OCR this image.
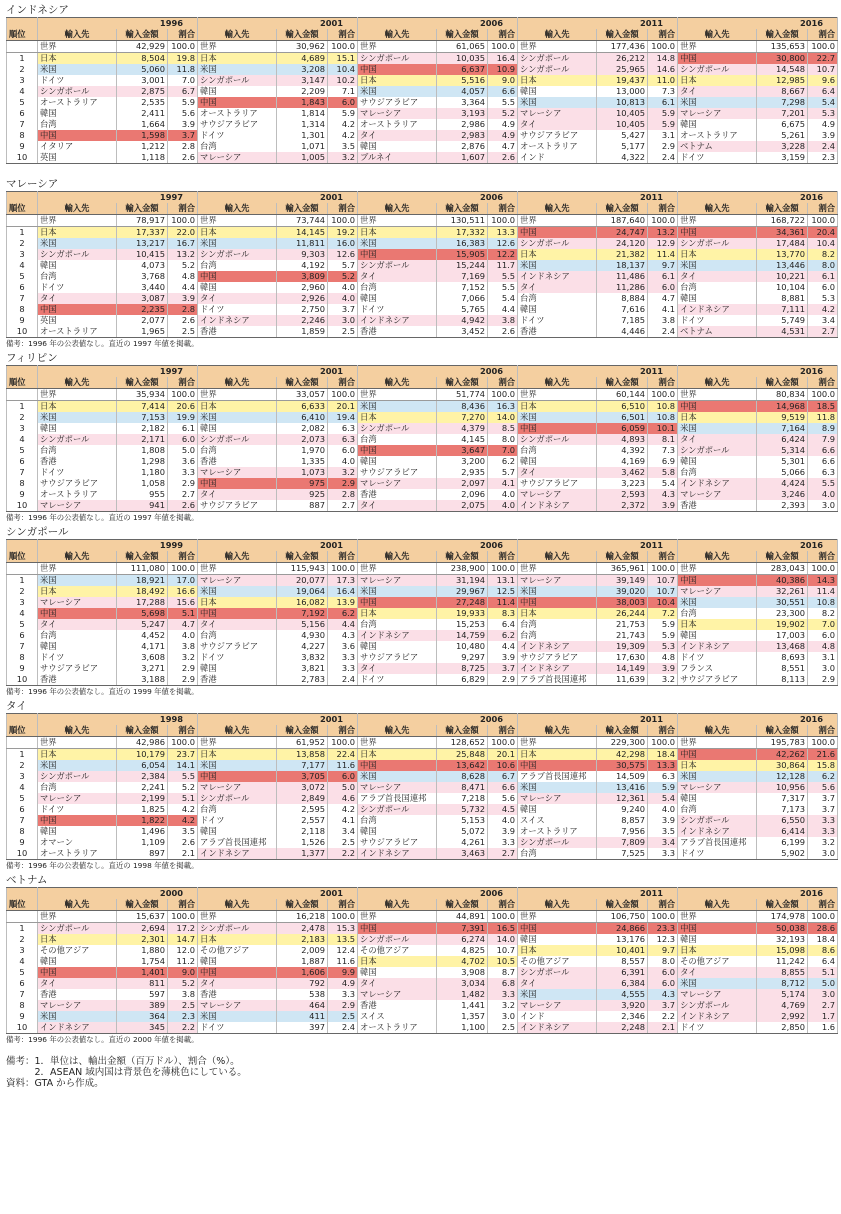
インドネシア
順位	1996			2001			2006			2011			2016		
	輸入先	輸入金額	割合	輸入先	輸入金額	割合	輸入先	輸入金額	割合	輸入先	輸入金額	割合	輸入先	輸入金額	割合
	世界	42,929	100.0	世界	30,962	100.0	世界	61,065	100.0	世界	177,436	100.0	世界	135,653	100.0
1	日本	8,504	19.8	日本	4,689	15.1	シンガポール	10,035	16.4	シンガポール	26,212	14.8	中国	30,800	22.7
2	米国	5,060	11.8	米国	3,208	10.4	中国	6,637	10.9	シンガポール	25,965	14.6	シンガポール	14,548	10.7
3	ドイツ	3,001	7.0	シンガポール	3,147	10.2	日本	5,516	9.0	日本	19,437	11.0	日本	12,985	9.6
4	シンガポール	2,875	6.7	韓国	2,209	7.1	米国	4,057	6.6	韓国	13,000	7.3	タイ	8,667	6.4
5	オーストラリア	2,535	5.9	中国	1,843	6.0	サウジアラビア	3,364	5.5	米国	10,813	6.1	米国	7,298	5.4
6	韓国	2,411	5.6	オーストラリア	1,814	5.9	マレーシア	3,193	5.2	マレーシア	10,405	5.9	マレーシア	7,201	5.3
7	台湾	1,664	3.9	サウジアラビア	1,314	4.2	オーストラリア	2,986	4.9	タイ	10,405	5.9	韓国	6,675	4.9
8	中国	1,598	3.7	ドイツ	1,301	4.2	タイ	2,983	4.9	サウジアラビア	5,427	3.1	オーストラリア	5,261	3.9
9	イタリア	1,212	2.8	台湾	1,071	3.5	韓国	2,876	4.7	オーストラリア	5,177	2.9	ベトナム	3,228	2.4
10	英国	1,118	2.6	マレーシア	1,005	3.2	ブルネイ	1,607	2.6	インド	4,322	2.4	ドイツ	3,159	2.3
マレーシア
順位	1997			2001			2006			2011			2016		
	輸入先	輸入金額	割合	輸入先	輸入金額	割合	輸入先	輸入金額	割合	輸入先	輸入金額	割合	輸入先	輸入金額	割合
	世界	78,917	100.0	世界	73,744	100.0	世界	130,511	100.0	世界	187,640	100.0	世界	168,722	100.0
1	日本	17,337	22.0	日本	14,145	19.2	日本	17,332	13.3	中国	24,747	13.2	中国	34,361	20.4
2	米国	13,217	16.7	米国	11,811	16.0	米国	16,383	12.6	シンガポール	24,120	12.9	シンガポール	17,484	10.4
3	シンガポール	10,415	13.2	シンガポール	9,303	12.6	中国	15,905	12.2	日本	21,382	11.4	日本	13,770	8.2
4	韓国	4,073	5.2	台湾	4,192	5.7	シンガポール	15,244	11.7	米国	18,137	9.7	米国	13,446	8.0
5	台湾	3,768	4.8	中国	3,809	5.2	タイ	7,169	5.5	インドネシア	11,486	6.1	タイ	10,221	6.1
6	ドイツ	3,440	4.4	韓国	2,960	4.0	台湾	7,152	5.5	タイ	11,286	6.0	台湾	10,104	6.0
7	タイ	3,087	3.9	タイ	2,926	4.0	韓国	7,066	5.4	台湾	8,884	4.7	韓国	8,881	5.3
8	中国	2,235	2.8	ドイツ	2,750	3.7	ドイツ	5,765	4.4	韓国	7,616	4.1	インドネシア	7,111	4.2
9	英国	2,077	2.6	インドネシア	2,246	3.0	インドネシア	4,942	3.8	ドイツ	7,185	3.8	ドイツ	5,749	3.4
10	オーストラリア	1,965	2.5	香港	1,859	2.5	香港	3,452	2.6	香港	4,446	2.4	ベトナム	4,531	2.7
備考：1996 年の公表値なし。直近の 1997 年値を掲載。
フィリピン
順位	1997			2001			2006			2011			2016		
	輸入先	輸入金額	割合	輸入先	輸入金額	割合	輸入先	輸入金額	割合	輸入先	輸入金額	割合	輸入先	輸入金額	割合
	世界	35,934	100.0	世界	33,057	100.0	世界	51,774	100.0	世界	60,144	100.0	世界	80,834	100.0
1	日本	7,414	20.6	日本	6,633	20.1	米国	8,436	16.3	日本	6,510	10.8	中国	14,968	18.5
2	米国	7,153	19.9	米国	6,410	19.4	日本	7,270	14.0	米国	6,501	10.8	日本	9,519	11.8
3	韓国	2,182	6.1	韓国	2,082	6.3	シンガポール	4,379	8.5	中国	6,059	10.1	米国	7,164	8.9
4	シンガポール	2,171	6.0	シンガポール	2,073	6.3	台湾	4,145	8.0	シンガポール	4,893	8.1	タイ	6,424	7.9
5	台湾	1,808	5.0	台湾	1,970	6.0	中国	3,647	7.0	台湾	4,392	7.3	シンガポール	5,314	6.6
6	香港	1,298	3.6	香港	1,335	4.0	韓国	3,200	6.2	韓国	4,169	6.9	韓国	5,301	6.6
7	ドイツ	1,180	3.3	マレーシア	1,073	3.2	サウジアラビア	2,935	5.7	タイ	3,462	5.8	台湾	5,066	6.3
8	サウジアラビア	1,058	2.9	中国	975	2.9	マレーシア	2,097	4.1	サウジアラビア	3,223	5.4	インドネシア	4,424	5.5
9	オーストラリア	955	2.7	タイ	925	2.8	香港	2,096	4.0	マレーシア	2,593	4.3	マレーシア	3,246	4.0
10	マレーシア	941	2.6	サウジアラビア	887	2.7	タイ	2,075	4.0	インドネシア	2,372	3.9	香港	2,393	3.0
備考：1996 年の公表値なし。直近の 1997 年値を掲載。
シンガポール
順位	1999			2001			2006			2011			2016		
	輸入先	輸入金額	割合	輸入先	輸入金額	割合	輸入先	輸入金額	割合	輸入先	輸入金額	割合	輸入先	輸入金額	割合
	世界	111,080	100.0	世界	115,943	100.0	世界	238,900	100.0	世界	365,961	100.0	世界	283,043	100.0
1	米国	18,921	17.0	マレーシア	20,077	17.3	マレーシア	31,194	13.1	マレーシア	39,149	10.7	中国	40,386	14.3
2	日本	18,492	16.6	米国	19,064	16.4	米国	29,967	12.5	米国	39,020	10.7	マレーシア	32,261	11.4
3	マレーシア	17,288	15.6	日本	16,082	13.9	中国	27,248	11.4	中国	38,003	10.4	米国	30,551	10.8
4	中国	5,698	5.1	中国	7,192	6.2	日本	19,933	8.3	日本	26,244	7.2	台湾	23,300	8.2
5	タイ	5,247	4.7	タイ	5,156	4.4	台湾	15,253	6.4	台湾	21,753	5.9	日本	19,902	7.0
6	台湾	4,452	4.0	台湾	4,930	4.3	インドネシア	14,759	6.2	台湾	21,743	5.9	韓国	17,003	6.0
7	韓国	4,171	3.8	サウジアラビア	4,227	3.6	韓国	10,480	4.4	インドネシア	19,309	5.3	インドネシア	13,468	4.8
8	ドイツ	3,608	3.2	ドイツ	3,832	3.3	サウジアラビア	9,297	3.9	サウジアラビア	17,630	4.8	ドイツ	8,693	3.1
9	サウジアラビア	3,271	2.9	韓国	3,821	3.3	タイ	8,725	3.7	インドネシア	14,149	3.9	フランス	8,551	3.0
10	香港	3,188	2.9	香港	2,783	2.4	ドイツ	6,829	2.9	アラブ首長国連邦	11,639	3.2	サウジアラビア	8,113	2.9
備考：1996 年の公表値なし。直近の 1999 年値を掲載。
タイ
順位	1998			2001			2006			2011			2016		
	輸入先	輸入金額	割合	輸入先	輸入金額	割合	輸入先	輸入金額	割合	輸入先	輸入金額	割合	輸入先	輸入金額	割合
	世界	42,986	100.0	世界	61,952	100.0	世界	128,652	100.0	世界	229,300	100.0	世界	195,783	100.0
1	日本	10,179	23.7	日本	13,858	22.4	日本	25,848	20.1	日本	42,298	18.4	中国	42,262	21.6
2	米国	6,054	14.1	米国	7,177	11.6	中国	13,642	10.6	中国	30,575	13.3	日本	30,864	15.8
3	シンガポール	2,384	5.5	中国	3,705	6.0	米国	8,628	6.7	アラブ首長国連邦	14,509	6.3	米国	12,128	6.2
4	台湾	2,241	5.2	マレーシア	3,072	5.0	マレーシア	8,471	6.6	米国	13,416	5.9	マレーシア	10,956	5.6
5	マレーシア	2,199	5.1	シンガポール	2,849	4.6	アラブ首長国連邦	7,218	5.6	マレーシア	12,361	5.4	韓国	7,317	3.7
6	ドイツ	1,825	4.2	台湾	2,595	4.2	シンガポール	5,732	4.5	韓国	9,240	4.0	台湾	7,173	3.7
7	中国	1,822	4.2	ドイツ	2,557	4.1	台湾	5,153	4.0	スイス	8,857	3.9	シンガポール	6,550	3.3
8	韓国	1,496	3.5	韓国	2,118	3.4	韓国	5,072	3.9	オーストラリア	7,956	3.5	インドネシア	6,414	3.3
9	オマーン	1,109	2.6	アラブ首長国連邦	1,526	2.5	サウジアラビア	4,261	3.3	シンガポール	7,809	3.4	アラブ首長国連邦	6,199	3.2
10	オーストラリア	897	2.1	インドネシア	1,377	2.2	インドネシア	3,463	2.7	台湾	7,525	3.3	ドイツ	5,902	3.0
備考：1996 年の公表値なし。直近の 1998 年値を掲載。
ベトナム
順位	2000			2001			2006			2011			2016		
	輸入先	輸入金額	割合	輸入先	輸入金額	割合	輸入先	輸入金額	割合	輸入先	輸入金額	割合	輸入先	輸入金額	割合
	世界	15,637	100.0	世界	16,218	100.0	世界	44,891	100.0	世界	106,750	100.0	世界	174,978	100.0
1	シンガポール	2,694	17.2	シンガポール	2,478	15.3	中国	7,391	16.5	中国	24,866	23.3	中国	50,038	28.6
2	日本	2,301	14.7	日本	2,183	13.5	シンガポール	6,274	14.0	韓国	13,176	12.3	韓国	32,193	18.4
3	その他アジア	1,880	12.0	その他アジア	2,009	12.4	その他アジア	4,825	10.7	日本	10,401	9.7	日本	15,098	8.6
4	韓国	1,754	11.2	韓国	1,887	11.6	日本	4,702	10.5	その他アジア	8,557	8.0	その他アジア	11,242	6.4
5	中国	1,401	9.0	中国	1,606	9.9	韓国	3,908	8.7	シンガポール	6,391	6.0	タイ	8,855	5.1
6	タイ	811	5.2	タイ	792	4.9	タイ	3,034	6.8	タイ	6,384	6.0	米国	8,712	5.0
7	香港	597	3.8	香港	538	3.3	マレーシア	1,482	3.3	米国	4,555	4.3	マレーシア	5,174	3.0
8	マレーシア	389	2.5	マレーシア	464	2.9	香港	1,441	3.2	マレーシア	3,920	3.7	シンガポール	4,769	2.7
9	米国	364	2.3	米国	411	2.5	スイス	1,357	3.0	インド	2,346	2.2	インドネシア	2,992	1.7
10	インドネシア	345	2.2	ドイツ	397	2.4	オーストラリア	1,100	2.5	インドネシア	2,248	2.1	ドイツ	2,850	1.6
備考：1996 年の公表値なし。直近の 2000 年値を掲載。
備考：1．単位は、輸出金額（百万ドル）、割合（%）。
　　　2．ASEAN 域内国は背景色を薄桃色にしている。
資料：GTA から作成。
